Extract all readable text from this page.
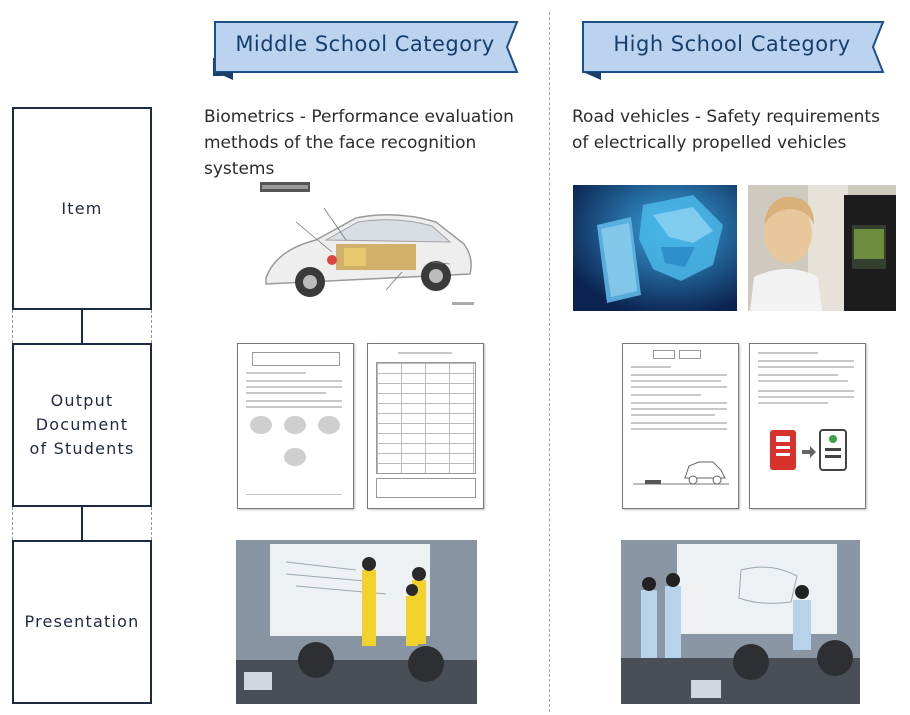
Middle School Category	High School Category
Item
Output
Document
of Students
Presentation
Biometrics - Performance evaluation methods of the face recognition systems
Road vehicles - Safety requirements of electrically propelled vehicles
